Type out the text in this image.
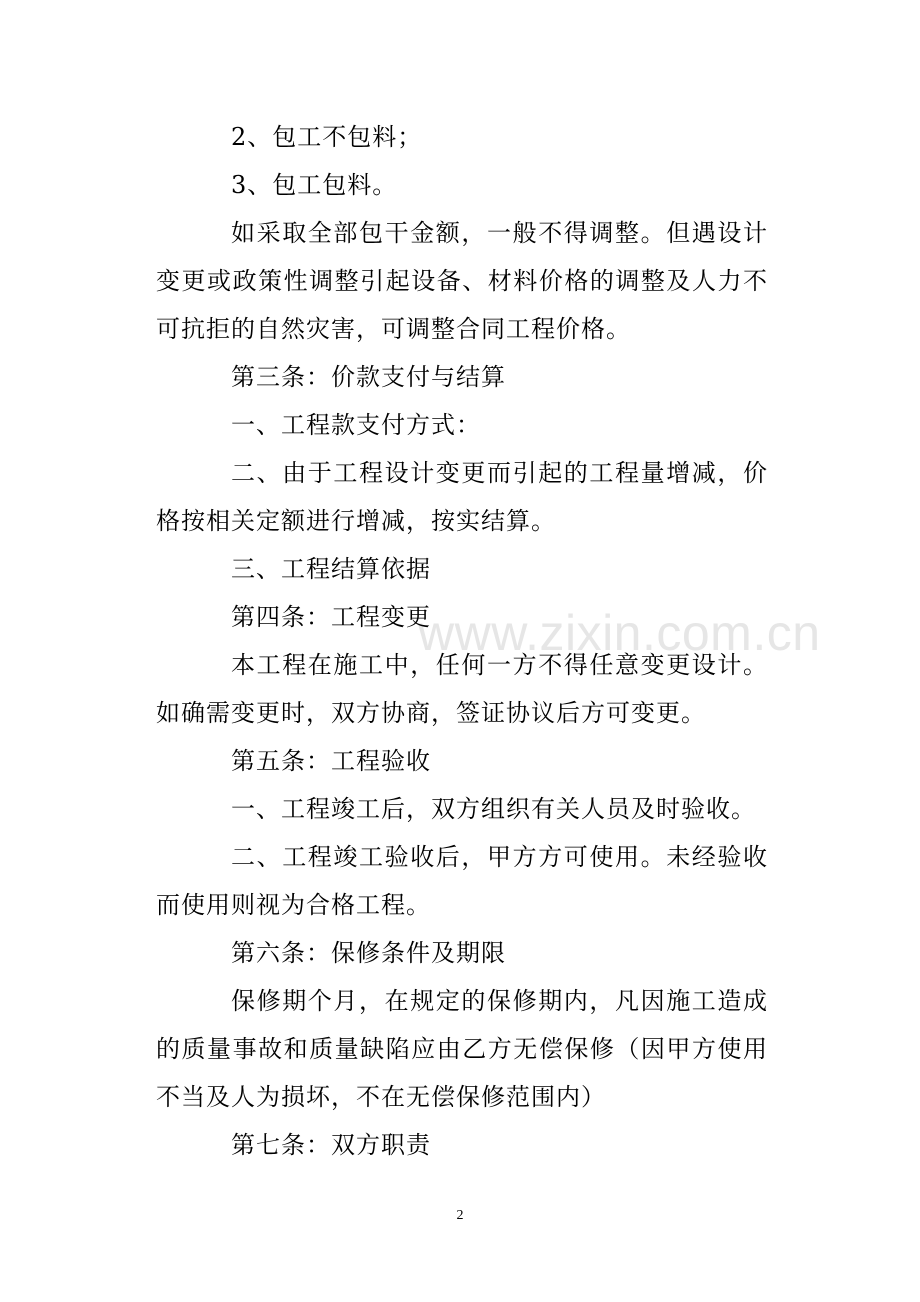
www.zixin.com.cn

2、包工不包料；

3、包工包料。

如采取全部包干金额，一般不得调整。但遇设计变更或政策性调整引起设备、材料价格的调整及人力不可抗拒的自然灾害，可调整合同工程价格。

第三条：价款支付与结算

一、工程款支付方式：

二、由于工程设计变更而引起的工程量增减，价格按相关定额进行增减，按实结算。

三、工程结算依据

第四条：工程变更

本工程在施工中，任何一方不得任意变更设计。如确需变更时，双方协商，签证协议后方可变更。

第五条：工程验收

一、工程竣工后，双方组织有关人员及时验收。

二、工程竣工验收后，甲方方可使用。未经验收而使用则视为合格工程。

第六条：保修条件及期限

保修期个月，在规定的保修期内，凡因施工造成的质量事故和质量缺陷应由乙方无偿保修（因甲方使用不当及人为损坏，不在无偿保修范围内）

第七条：双方职责

2
